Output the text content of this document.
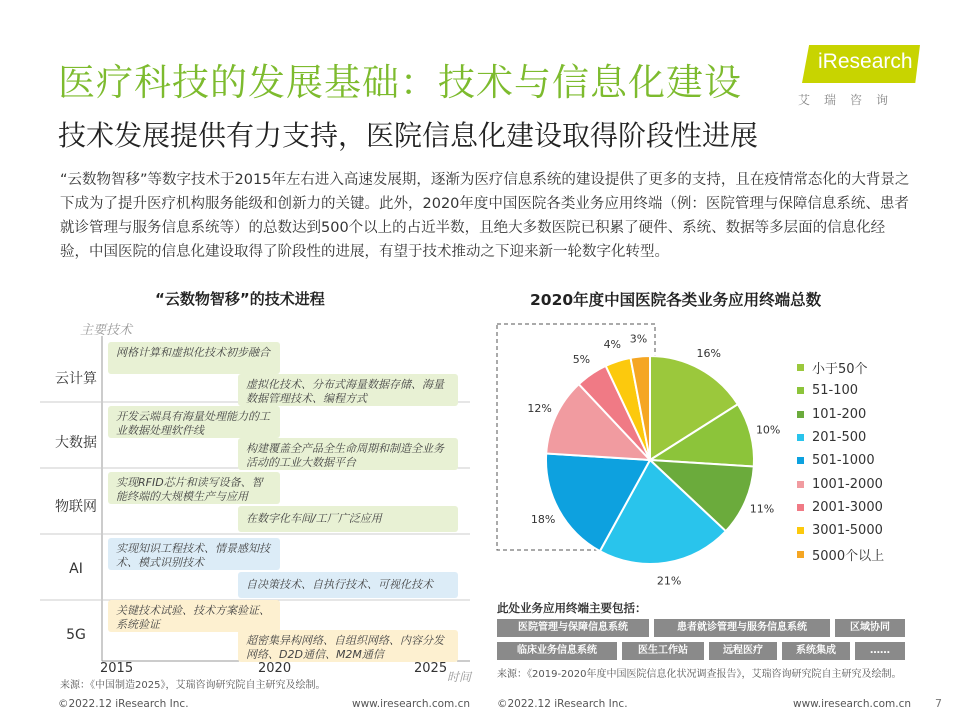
医疗科技的发展基础：技术与信息化建设	iResearch
艾瑞咨询
技术发展提供有力支持，医院信息化建设取得阶段性进展
“云数物智移”等数字技术于2015年左右进入高速发展期，逐渐为医疗信息系统的建设提供了更多的支持，且在疫情常态化的大背景之下成为了提升医疗机构服务能级和创新力的关键。此外，2020年度中国医院各类业务应用终端（例：医院管理与保障信息系统、患者就诊管理与服务信息系统等）的总数达到500个以上的占近半数，且绝大多数医院已积累了硬件、系统、数据等多层面的信息化经验，中国医院的信息化建设取得了阶段性的进展，有望于技术推动之下迎来新一轮数字化转型。
“云数物智移”的技术进程
主要技术
云计算
大数据
物联网
AI
5G
网格计算和虚拟化技术初步融合
虚拟化技术、分布式海量数据存储、海量数据管理技术、编程方式
开发云端具有海量处理能力的工业数据处理软件线
构建覆盖全产品全生命周期和制造全业务活动的工业大数据平台
实现RFID芯片和读写设备、智能终端的大规模生产与应用
在数字化车间/工厂广泛应用
实现知识工程技术、情景感知技术、模式识别技术
自决策技术、自执行技术、可视化技术
关键技术试验、技术方案验证、系统验证
超密集异构网络、自组织网络、内容分发网络、D2D通信、M2M通信
2015	2020	2025
时间
来源：《中国制造2025》，艾瑞咨询研究院自主研究及绘制。
2020年度中国医院各类业务应用终端总数
16%
10%
11%
21%
18%
12%
5%
4% 3%
小于50个
51-100
101-200
201-500
501-1000
1001-2000
2001-3000
3001-5000
5000个以上
此处业务应用终端主要包括：
医院管理与保障信息系统	患者就诊管理与服务信息系统	区域协同
临床业务信息系统	医生工作站	远程医疗	系统集成	……
来源：《2019-2020年度中国医院信息化状况调查报告》，艾瑞咨询研究院自主研究及绘制。
©2022.12 iResearch Inc.	www.iresearch.com.cn	©2022.12 iResearch Inc.	www.iresearch.com.cn 7
